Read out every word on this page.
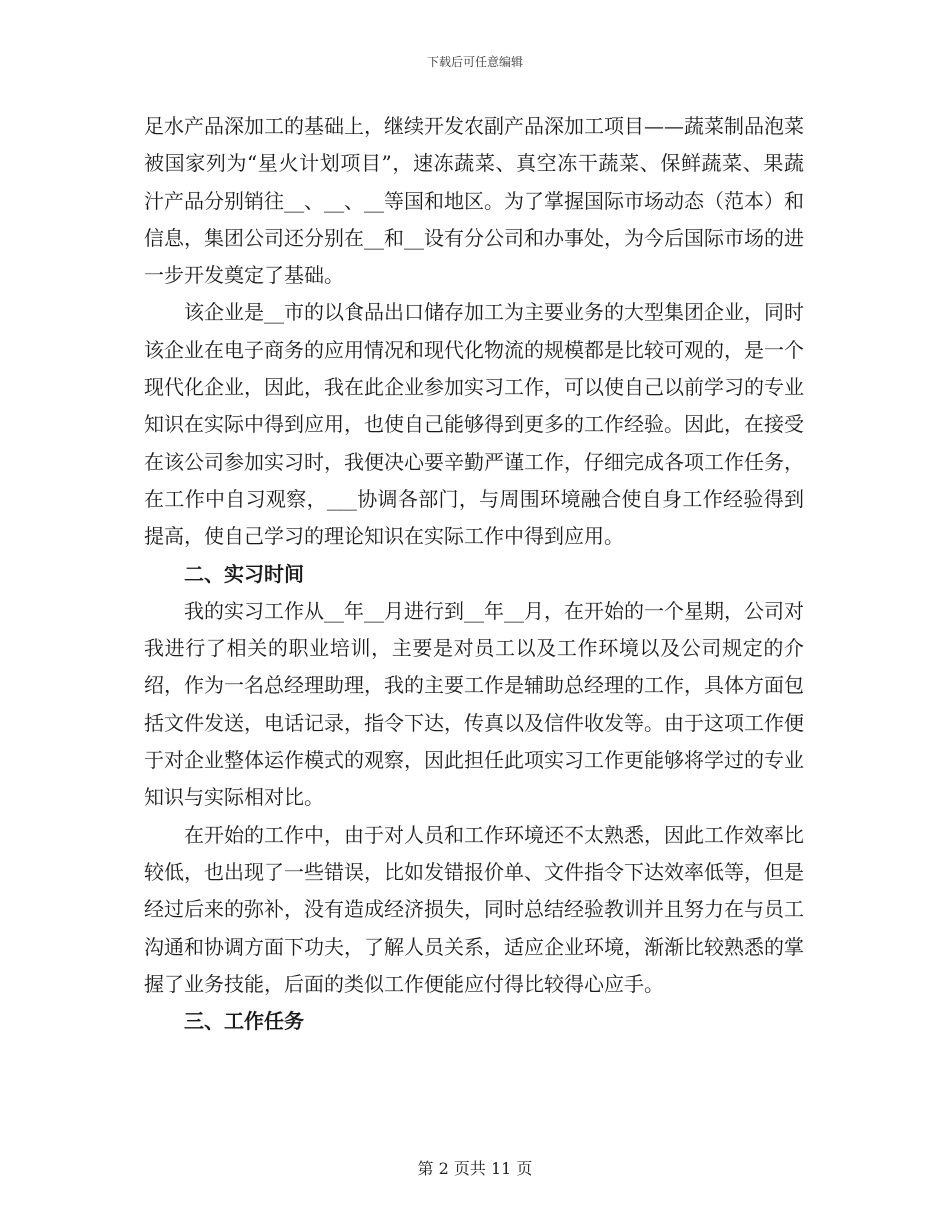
下载后可任意编辑

足水产品深加工的基础上，继续开发农副产品深加工项目——蔬菜制品泡菜被国家列为“星火计划项目”，速冻蔬菜、真空冻干蔬菜、保鲜蔬菜、果蔬汁产品分别销往__、__、__等国和地区。为了掌握国际市场动态（范本）和信息，集团公司还分别在__和__设有分公司和办事处，为今后国际市场的进一步开发奠定了基础。

该企业是__市的以食品出口储存加工为主要业务的大型集团企业，同时该企业在电子商务的应用情况和现代化物流的规模都是比较可观的，是一个现代化企业，因此，我在此企业参加实习工作，可以使自己以前学习的专业知识在实际中得到应用，也使自己能够得到更多的工作经验。因此，在接受在该公司参加实习时，我便决心要辛勤严谨工作，仔细完成各项工作任务，在工作中自习观察，___协调各部门，与周围环境融合使自身工作经验得到提高，使自己学习的理论知识在实际工作中得到应用。

二、实习时间

我的实习工作从__年__月进行到__年__月，在开始的一个星期，公司对我进行了相关的职业培训，主要是对员工以及工作环境以及公司规定的介绍，作为一名总经理助理，我的主要工作是辅助总经理的工作，具体方面包括文件发送，电话记录，指令下达，传真以及信件收发等。由于这项工作便于对企业整体运作模式的观察，因此担任此项实习工作更能够将学过的专业知识与实际相对比。

在开始的工作中，由于对人员和工作环境还不太熟悉，因此工作效率比较低，也出现了一些错误，比如发错报价单、文件指令下达效率低等，但是经过后来的弥补，没有造成经济损失，同时总结经验教训并且努力在与员工沟通和协调方面下功夫，了解人员关系，适应企业环境，渐渐比较熟悉的掌握了业务技能，后面的类似工作便能应付得比较得心应手。

三、工作任务

第 2 页共 11 页
